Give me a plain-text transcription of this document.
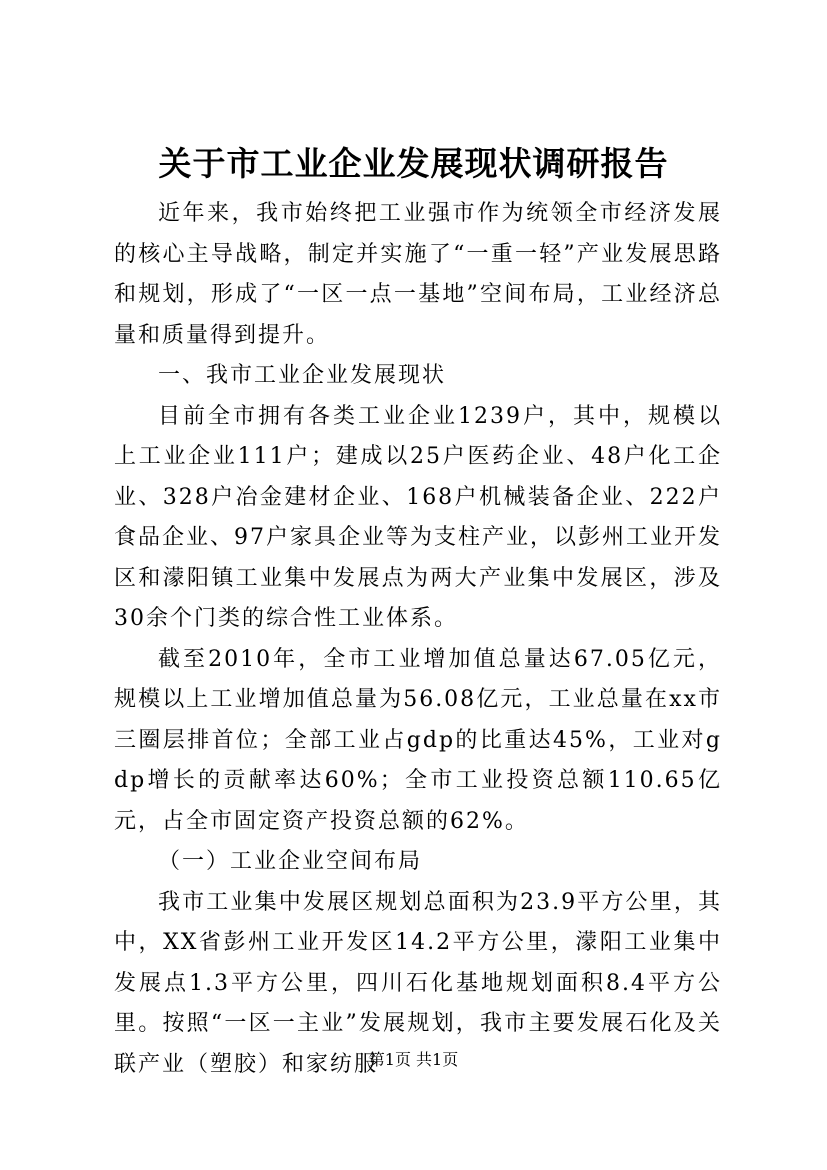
关于市工业企业发展现状调研报告

近年来，我市始终把工业强市作为统领全市经济发展的核心主导战略，制定并实施了“一重一轻”产业发展思路和规划，形成了“一区一点一基地”空间布局，工业经济总量和质量得到提升。

一、我市工业企业发展现状

目前全市拥有各类工业企业1239户，其中，规模以上工业企业111户；建成以25户医药企业、48户化工企业、328户冶金建材企业、168户机械装备企业、222户食品企业、97户家具企业等为支柱产业，以彭州工业开发区和濛阳镇工业集中发展点为两大产业集中发展区，涉及30余个门类的综合性工业体系。

截至2010年，全市工业增加值总量达67.05亿元，规模以上工业增加值总量为56.08亿元，工业总量在xx市三圈层排首位；全部工业占gdp的比重达45%，工业对gdp增长的贡献率达60%；全市工业投资总额110.65亿元，占全市固定资产投资总额的62%。

（一）工业企业空间布局

我市工业集中发展区规划总面积为23.9平方公里，其中，XX省彭州工业开发区14.2平方公里，濛阳工业集中发展点1.3平方公里，四川石化基地规划面积8.4平方公里。按照“一区一主业”发展规划，我市主要发展石化及关联产业（塑胶）和家纺服

第1页 共1页
